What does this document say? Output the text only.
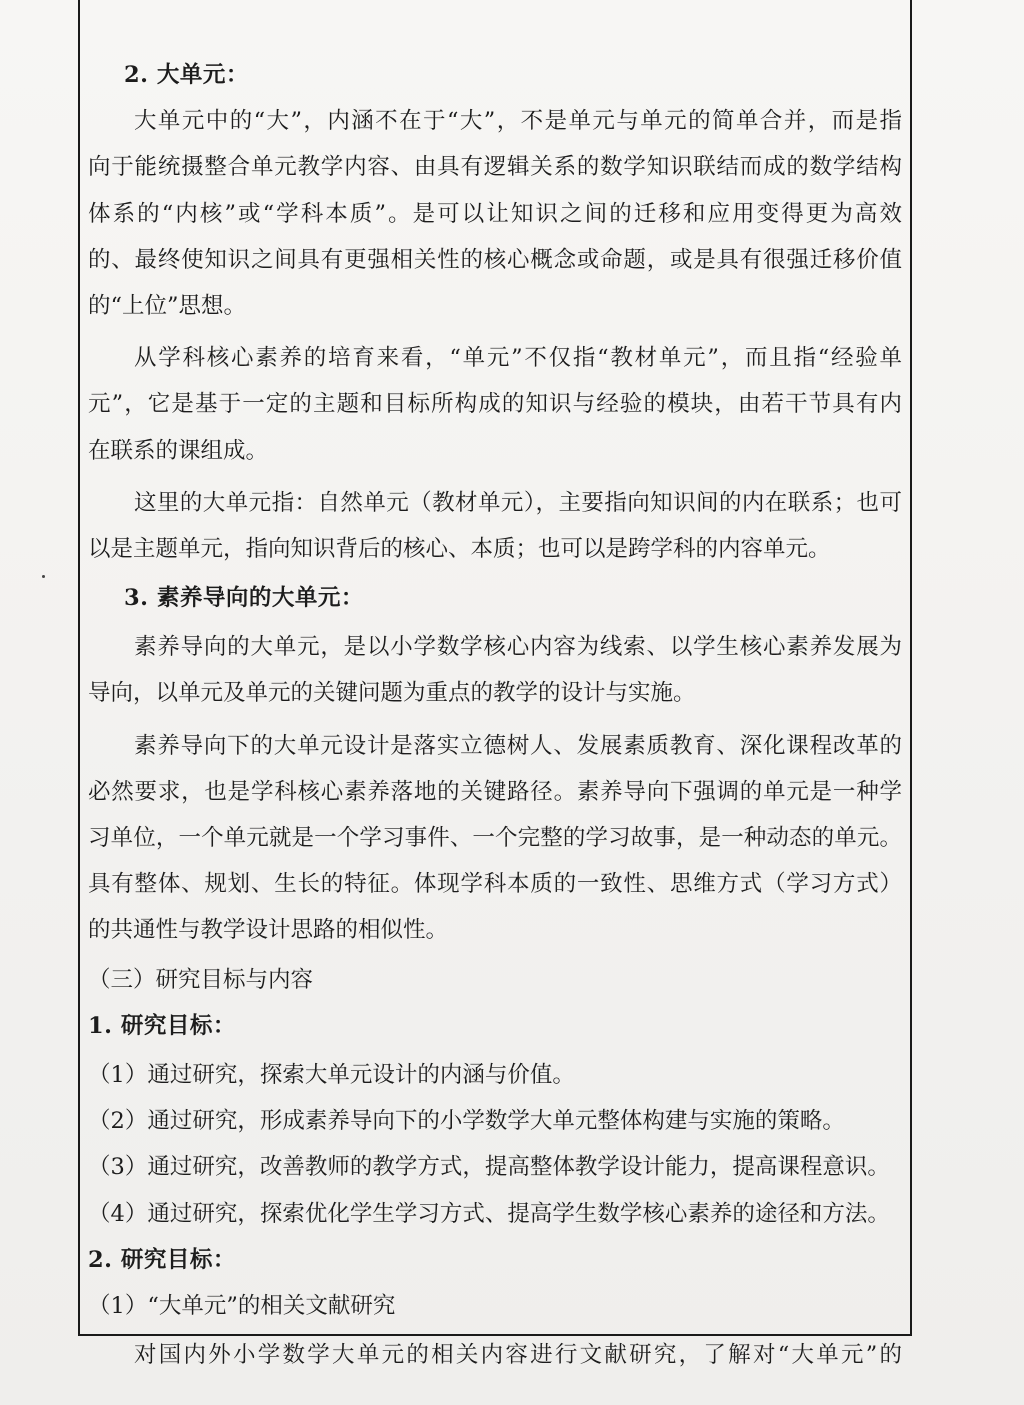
2. 大单元：
大单元中的“大”，内涵不在于“大”，不是单元与单元的简单合并，而是指
向于能统摄整合单元教学内容、由具有逻辑关系的数学知识联结而成的数学结构
体系的“内核”或“学科本质”。是可以让知识之间的迁移和应用变得更为高效
的、最终使知识之间具有更强相关性的核心概念或命题，或是具有很强迁移价值
的“上位”思想。
从学科核心素养的培育来看，“单元”不仅指“教材单元”，而且指“经验单
元”，它是基于一定的主题和目标所构成的知识与经验的模块，由若干节具有内
在联系的课组成。
这里的大单元指：自然单元（教材单元），主要指向知识间的内在联系；也可
以是主题单元，指向知识背后的核心、本质；也可以是跨学科的内容单元。
3. 素养导向的大单元：
素养导向的大单元，是以小学数学核心内容为线索、以学生核心素养发展为
导向，以单元及单元的关键问题为重点的教学的设计与实施。
素养导向下的大单元设计是落实立德树人、发展素质教育、深化课程改革的
必然要求，也是学科核心素养落地的关键路径。素养导向下强调的单元是一种学
习单位，一个单元就是一个学习事件、一个完整的学习故事，是一种动态的单元。
具有整体、规划、生长的特征。体现学科本质的一致性、思维方式（学习方式）
的共通性与教学设计思路的相似性。
（三）研究目标与内容
1. 研究目标：
（1）通过研究，探索大单元设计的内涵与价值。
（2）通过研究，形成素养导向下的小学数学大单元整体构建与实施的策略。
（3）通过研究，改善教师的教学方式，提高整体教学设计能力，提高课程意识。
（4）通过研究，探索优化学生学习方式、提高学生数学核心素养的途径和方法。
2. 研究目标：
（1）“大单元”的相关文献研究
对国内外小学数学大单元的相关内容进行文献研究，了解对“大单元”的
